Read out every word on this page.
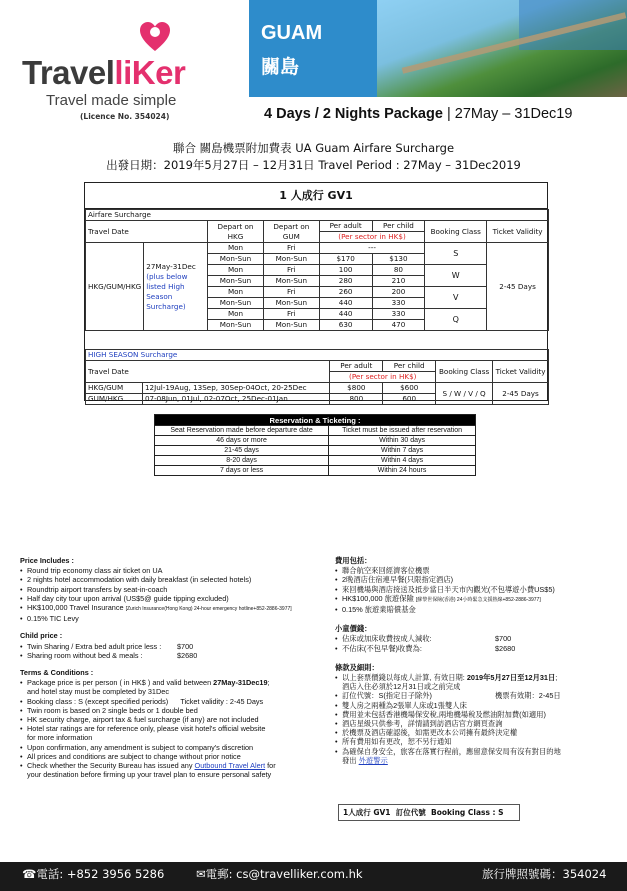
TravelliKer
Travel made simple
(Licence No. 354024)
GUAM
關島
4 Days / 2 Nights Package | 27May – 31Dec19
聯合 關島機票附加費表 UA Guam Airfare Surcharge
出發日期：2019年5月27日 – 12月31日 Travel Period : 27May – 31Dec2019
1 人成行 GV1
Airfare Surcharge							
Travel Date		Depart on HKG	Depart on GUM	Per adult	Per child	Booking Class	Ticket Validity
				(Per sector in HK$)			
HKG/GUM/HKG	27May-31Dec
(plus below listed High Season Surcharge)	Mon	Fri	---		S	2-45 Days
		Mon-Sun	Mon-Sun	$170	$130		
		Mon	Fri	100	80	W	
		Mon-Sun	Mon-Sun	280	210		
		Mon	Fri	260	200	V	
		Mon-Sun	Mon-Sun	440	330		
		Mon	Fri	440	330	Q	
		Mon-Sun	Mon-Sun	630	470		
HIGH SEASON Surcharge					
Travel Date		Per adult	Per child	Booking Class	Ticket Validity
		(Per sector in HK$)			
HKG/GUM	12Jul-19Aug, 13Sep, 30Sep-04Oct, 20-25Dec	$800	$600	S / W / V / Q	2-45 Days
GUM/HKG	07-08Jun, 01Jul, 02-07Oct, 25Dec-01Jan	800	600		
Reservation & Ticketing :	
Seat Reservation made before departure date	Ticket must be issued after reservation
46 days or more	Within 30 days
21-45 days	Within 7 days
8-20 days	Within 4 days
7 days or less	Within 24 hours
Price Includes :
• Round trip economy class air ticket on UA
• 2 nights hotel accommodation with daily breakfast (in selected hotels)
• Roundtrip airport transfers by seat-in-coach
• Half day city tour upon arrival (US$5@ guide tipping excluded)
• HK$100,000 Travel Insurance [Zurich Insurance(Hong Kong) 24-hour emergency hotline+852-2886-3977]
• 0.15% TIC Levy
Child price :
• Twin Sharing / Extra bed adult price less : $700
• Sharing room without bed & meals :	$2680
Terms & Conditions :
• Package price is per person ( in HK$ ) and valid between 27May-31Dec19;
and hotel stay must be completed by 31Dec
• Booking class : S (except specified periods) Ticket validity : 2-45 Days
• Twin room is based on 2 single beds or 1 double bed
• HK security charge, airport tax & fuel surcharge (if any) are not included
• Hotel star ratings are for reference only, please visit hotel's official website
for more information
• Upon confirmation, any amendment is subject to company's discretion
• All prices and conditions are subject to change without prior notice
• Check whether the Security Bureau has issued any Outbound Travel Alert for
your destination before firming up your travel plan to ensure personal safety
費用包括：
• 聯合航空來回經濟客位機票
• 2晚酒店住宿連早餐(只限指定酒店)
• 來回機場與酒店接送及抵步當日半天市內觀光(不包導遊小費US$5)
• HK$100,000 旅遊保險 [蘇黎世保險(香港) 24小時緊急支援熱線+852-2886-3977]
• 0.15% 旅遊業賠償基金
小童價錢：
• 佔床或加床收費按成人減收:	$700
• 不佔床(不包早餐)收費為:	$2680
條款及細則：
• 以上套票價錢以每成人計算, 有效日期: 2019年5月27日至12月31日;
酒店入住必須於12月31日或之前完成
• 訂位代號：S(指定日子除外)	機票有效期：2-45日
• 雙人房之兩種為2張單人床或1張雙人床
• 費用並未包括香港機場保安稅,兩地機場稅及燃油附加費(如適用)
• 酒店星級只供參考，詳情請到訪酒店官方網頁查詢
• 於機票及酒店確認後，如需更改本公司擁有最終決定權
• 所有費用如有更改，恕不另行通知
• 為確保自身安全，旅客在落實行程前，應留意保安局有沒有對目的地
發出 外遊警示
1人成行 GV1 訂位代號 Booking Class : S
☎電話: +852 3956 5286	✉電郵: cs@travelliker.com.hk	旅行牌照號碼：354024
